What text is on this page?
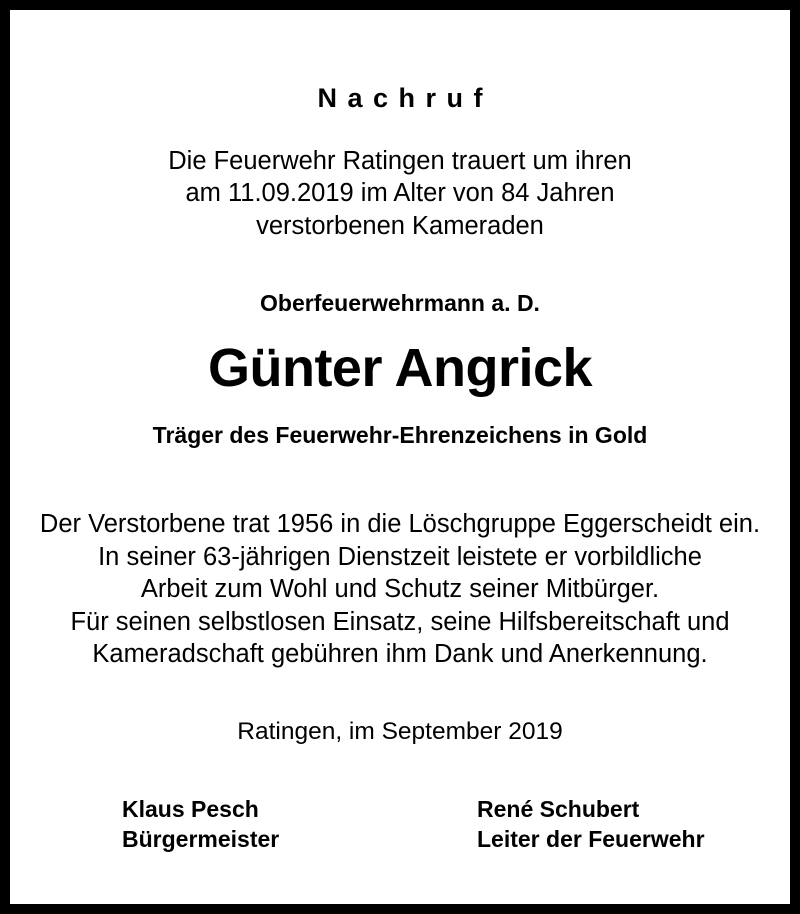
Nachruf
Die Feuerwehr Ratingen trauert um ihren
am 11.09.2019 im Alter von 84 Jahren
verstorbenen Kameraden
Oberfeuerwehrmann a. D.
Günter Angrick
Träger des Feuerwehr-Ehrenzeichens in Gold
Der Verstorbene trat 1956 in die Löschgruppe Eggerscheidt ein.
In seiner 63-jährigen Dienstzeit leistete er vorbildliche
Arbeit zum Wohl und Schutz seiner Mitbürger.
Für seinen selbstlosen Einsatz, seine Hilfsbereitschaft und
Kameradschaft gebühren ihm Dank und Anerkennung.
Ratingen, im September 2019
Klaus Pesch
Bürgermeister
René Schubert
Leiter der Feuerwehr
